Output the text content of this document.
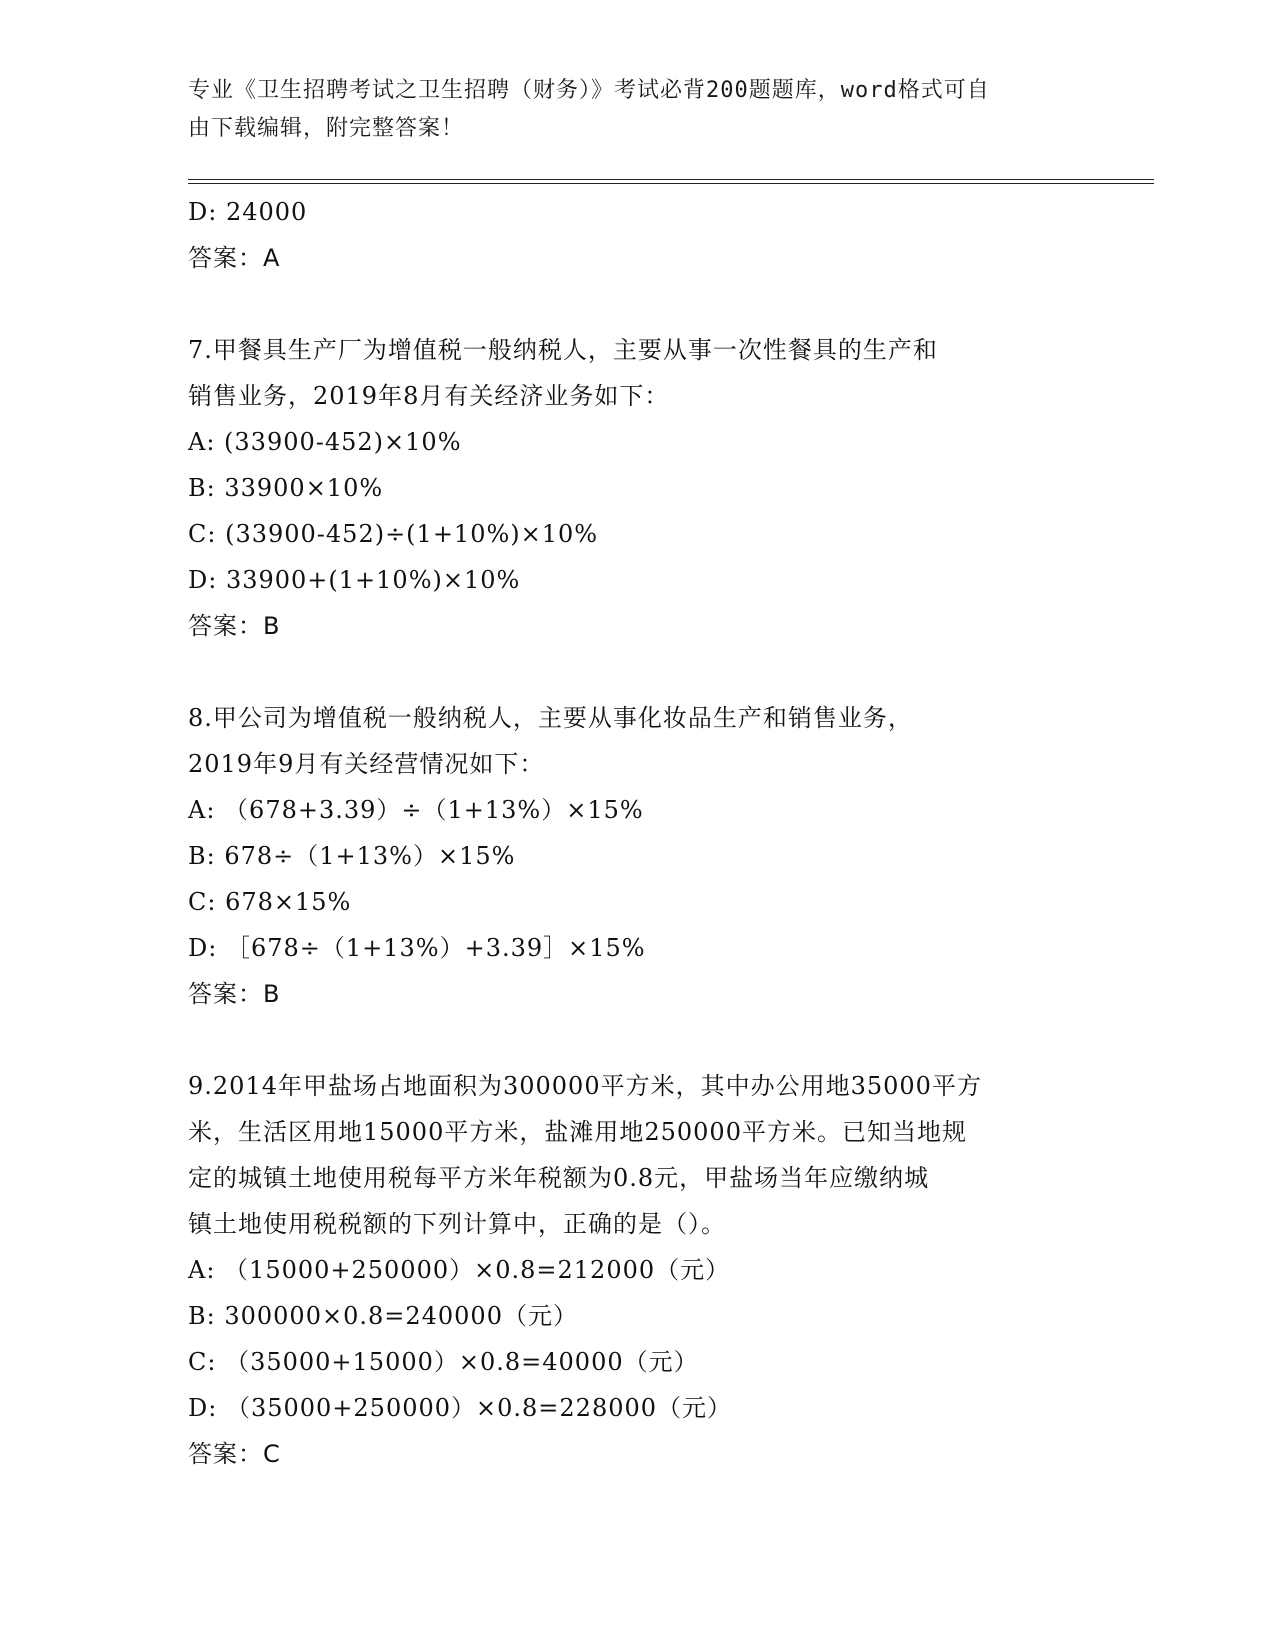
专业《卫生招聘考试之卫生招聘（财务）》考试必背200题题库，word格式可自
由下载编辑，附完整答案！
D: 24000
答案：A
7.甲餐具生产厂为增值税一般纳税人，主要从事一次性餐具的生产和
销售业务，2019年8月有关经济业务如下：
A: (33900-452)×10%
B: 33900×10%
C: (33900-452)÷(1+10%)×10%
D: 33900+(1+10%)×10%
答案：B
8.甲公司为增值税一般纳税人，主要从事化妆品生产和销售业务，
2019年9月有关经营情况如下：
A: （678+3.39）÷（1+13%）×15%
B: 678÷（1+13%）×15%
C: 678×15%
D: ［678÷（1+13%）+3.39］×15%
答案：B
9.2014年甲盐场占地面积为300000平方米，其中办公用地35000平方
米，生活区用地15000平方米，盐滩用地250000平方米。已知当地规
定的城镇土地使用税每平方米年税额为0.8元，甲盐场当年应缴纳城
镇土地使用税税额的下列计算中，正确的是（）。
A: （15000+250000）×0.8=212000（元）
B: 300000×0.8=240000（元）
C: （35000+15000）×0.8=40000（元）
D: （35000+250000）×0.8=228000（元）
答案：C
